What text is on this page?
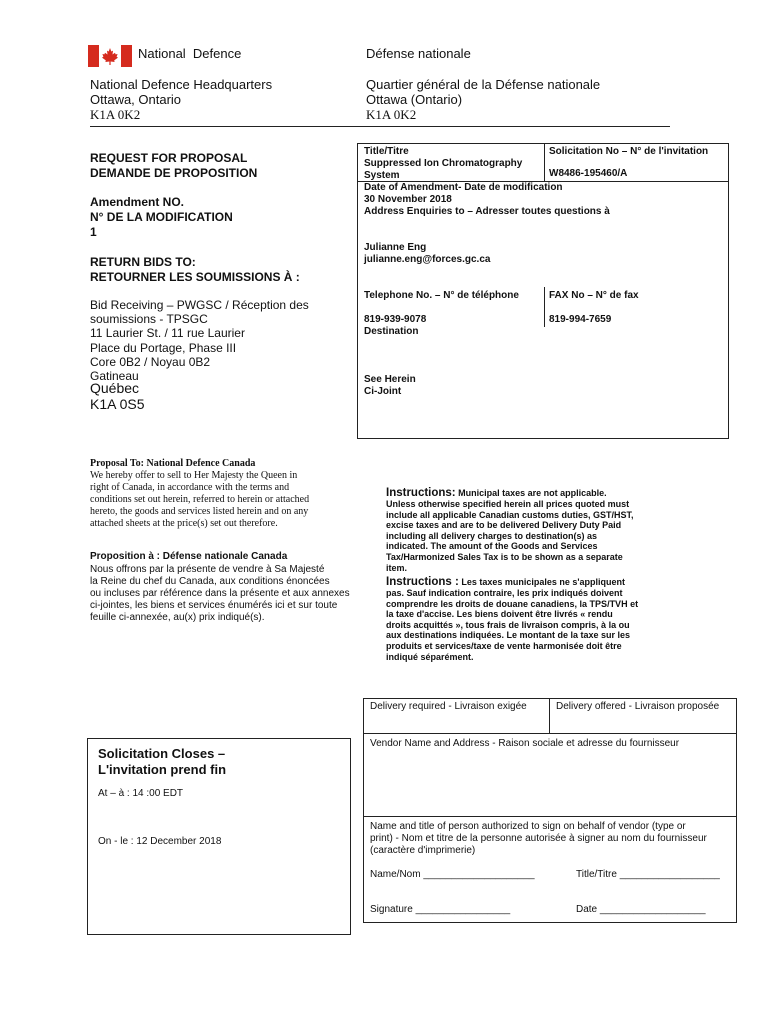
National  Defence	Défense nationale
National Defence Headquarters
Ottawa, Ontario
K1A 0K2
Quartier général de la Défense nationale
Ottawa (Ontario)
K1A 0K2
REQUEST FOR PROPOSAL
DEMANDE DE PROPOSITION
Amendment NO.
N° DE LA MODIFICATION
1
RETURN BIDS TO:
RETOURNER LES SOUMISSIONS À :
Bid Receiving – PWGSC / Réception des
soumissions - TPSGC
11 Laurier St. / 11 rue Laurier
Place du Portage, Phase III
Core 0B2 / Noyau 0B2
Gatineau
Québec
K1A 0S5
Proposal To: National Defence Canada
We hereby offer to sell to Her Majesty the Queen in
right of Canada, in accordance with the terms and
conditions set out herein, referred to herein or attached
hereto, the goods and services listed herein and on any
attached sheets at the price(s) set out therefore.
Proposition à : Défense nationale Canada
Nous offrons par la présente de vendre à Sa Majesté
la Reine du chef du Canada, aux conditions énoncées
ou incluses par référence dans la présente et aux annexes
ci-jointes, les biens et services énumérés ici et sur toute
feuille ci-annexée, au(x) prix indiqué(s).
Title/Titre
Suppressed Ion Chromatography
System
Solicitation No – N° de l'invitation
W8486-195460/A
Date of Amendment- Date de modification
30 November 2018
Address Enquiries to – Adresser toutes questions à
Julianne Eng
julianne.eng@forces.gc.ca
Telephone No. – N° de téléphone	FAX No – N° de fax
819-939-9078	819-994-7659
Destination
See Herein
Ci-Joint
Instructions: Municipal taxes are not applicable.
Unless otherwise specified herein all prices quoted must
include all applicable Canadian customs duties, GST/HST,
excise taxes and are to be delivered Delivery Duty Paid
including all delivery charges to destination(s) as
indicated. The amount of the Goods and Services
Tax/Harmonized Sales Tax is to be shown as a separate
item.
Instructions : Les taxes municipales ne s'appliquent
pas. Sauf indication contraire, les prix indiqués doivent
comprendre les droits de douane canadiens, la TPS/TVH et
la taxe d'accise. Les biens doivent être livrés « rendu
droits acquittés », tous frais de livraison compris, à la ou
aux destinations indiquées. Le montant de la taxe sur les
produits et services/taxe de vente harmonisée doit être
indiqué séparément.
Solicitation Closes –
L'invitation prend fin
At – à : 14 :00 EDT
On - le : 12 December 2018
Delivery required - Livraison exigée	Delivery offered - Livraison proposée
Vendor Name and Address - Raison sociale et adresse du fournisseur
Name and title of person authorized to sign on behalf of vendor (type or
print) - Nom et titre de la personne autorisée à signer au nom du fournisseur
(caractère d'imprimerie)
Name/Nom ____________________	Title/Titre __________________
Signature _________________	Date ___________________
